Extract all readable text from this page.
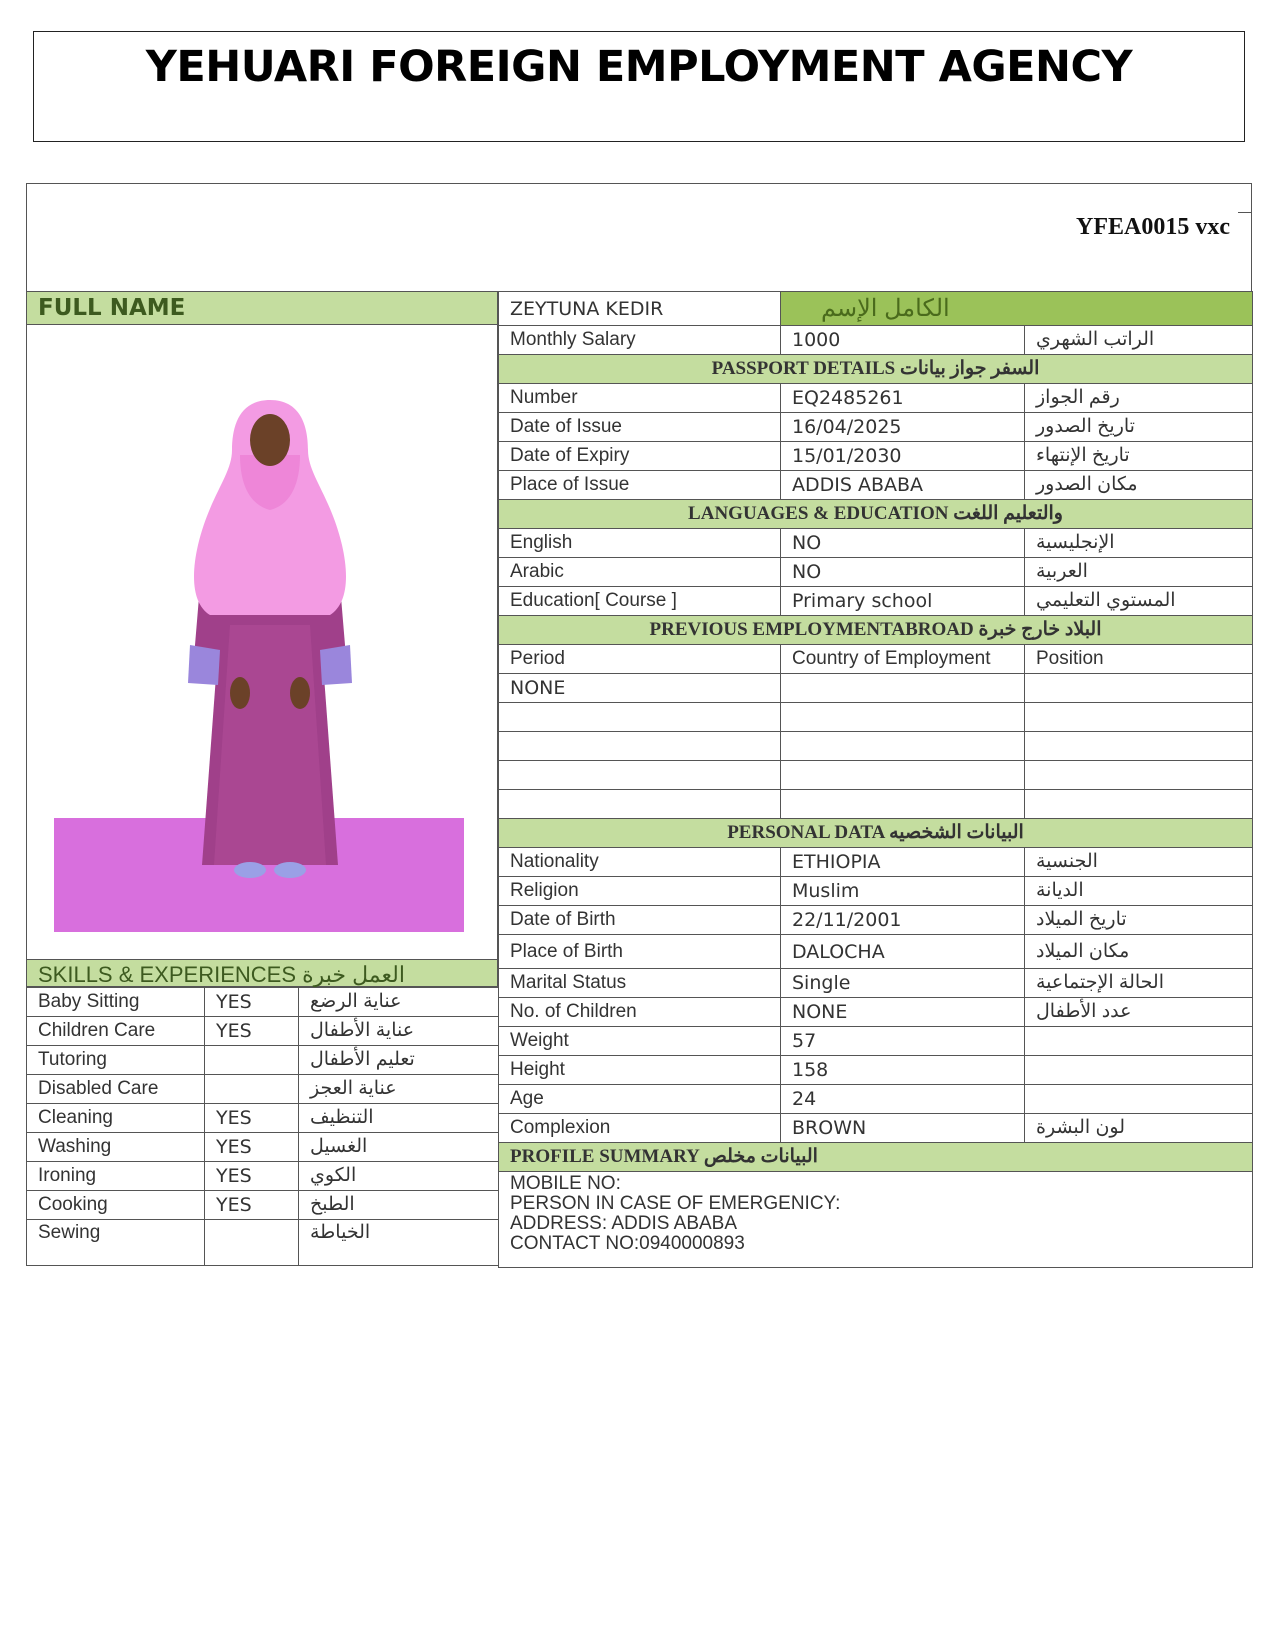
YEHUARI FOREIGN EMPLOYMENT AGENCY
YFEA0015 vxc
FULL NAME	ZEYTUNA KEDIR	الكامل الإسم	
Monthly Salary	1000	الراتب الشهري
PASSPORT DETAILS السفر جواز بيانات		
Number	EQ2485261	رقم الجواز
Date of Issue	16/04/2025	تاريخ الصدور
Date of Expiry	15/01/2030	تاريخ الإنتهاء
Place of Issue	ADDIS ABABA	مكان الصدور
LANGUAGES & EDUCATION والتعليم اللغت		
English	NO	الإنجليسية
Arabic	NO	العربية
Education[ Course ]	Primary school	المستوي التعليمي
PREVIOUS EMPLOYMENTABROAD البلاد خارج خبرة		
Period	Country of Employment	Position
NONE		

PERSONAL DATA البيانات الشخصيه		
Nationality	ETHIOPIA	الجنسية
Religion	Muslim	الديانة
Date of Birth	22/11/2001	تاريخ الميلاد
Place of Birth	DALOCHA	مكان الميلاد
Marital Status	Single	الحالة الإجتماعية
No. of Children	NONE	عدد الأطفال
Weight	57	
Height	158	
Age	24	
Complexion	BROWN	لون البشرة
PROFILE SUMMARY البيانات مخلص		

MOBILE NO:
PERSON IN CASE OF EMERGENICY:
ADDRESS: ADDIS ABABA
CONTACT NO:0940000893		
SKILLS & EXPERIENCES العمل خبرة
Baby Sitting	YES	عناية الرضع
Children Care	YES	عناية الأطفال
Tutoring		تعليم الأطفال
Disabled Care		عناية العجز
Cleaning	YES	التنظيف
Washing	YES	الغسيل
Ironing	YES	الكوي
Cooking	YES	الطبخ
Sewing		الخياطة
